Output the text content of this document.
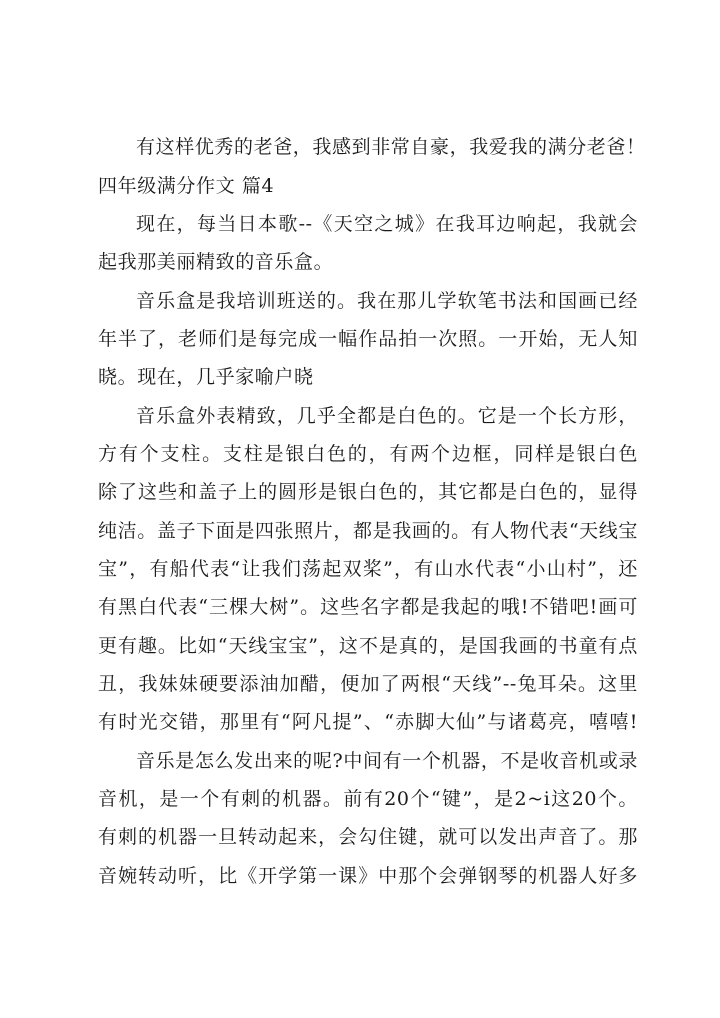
有这样优秀的老爸，我感到非常自豪，我爱我的满分老爸！
四年级满分作文 篇4
现在，每当日本歌--《天空之城》在我耳边响起，我就会
起我那美丽精致的音乐盒。
音乐盒是我培训班送的。我在那儿学软笔书法和国画已经
年半了，老师们是每完成一幅作品拍一次照。一开始，无人知
晓。现在，几乎家喻户晓
音乐盒外表精致，几乎全都是白色的。它是一个长方形，
方有个支柱。支柱是银白色的，有两个边框，同样是银白色
除了这些和盖子上的圆形是银白色的，其它都是白色的，显得
纯洁。盖子下面是四张照片，都是我画的。有人物代表“天线宝
宝”，有船代表“让我们荡起双桨”，有山水代表“小山村”，还
有黑白代表“三棵大树”。这些名字都是我起的哦!不错吧!画可
更有趣。比如“天线宝宝”，这不是真的，是国我画的书童有点
丑，我妹妹硬要添油加醋，便加了两根“天线”--兔耳朵。这里
有时光交错，那里有“阿凡提”、“赤脚大仙”与诸葛亮，嘻嘻!
音乐是怎么发出来的呢?中间有一个机器，不是收音机或录
音机，是一个有刺的机器。前有20个“键”，是2~i这20个。
有刺的机器一旦转动起来，会勾住键，就可以发出声音了。那
音婉转动听，比《开学第一课》中那个会弹钢琴的机器人好多
